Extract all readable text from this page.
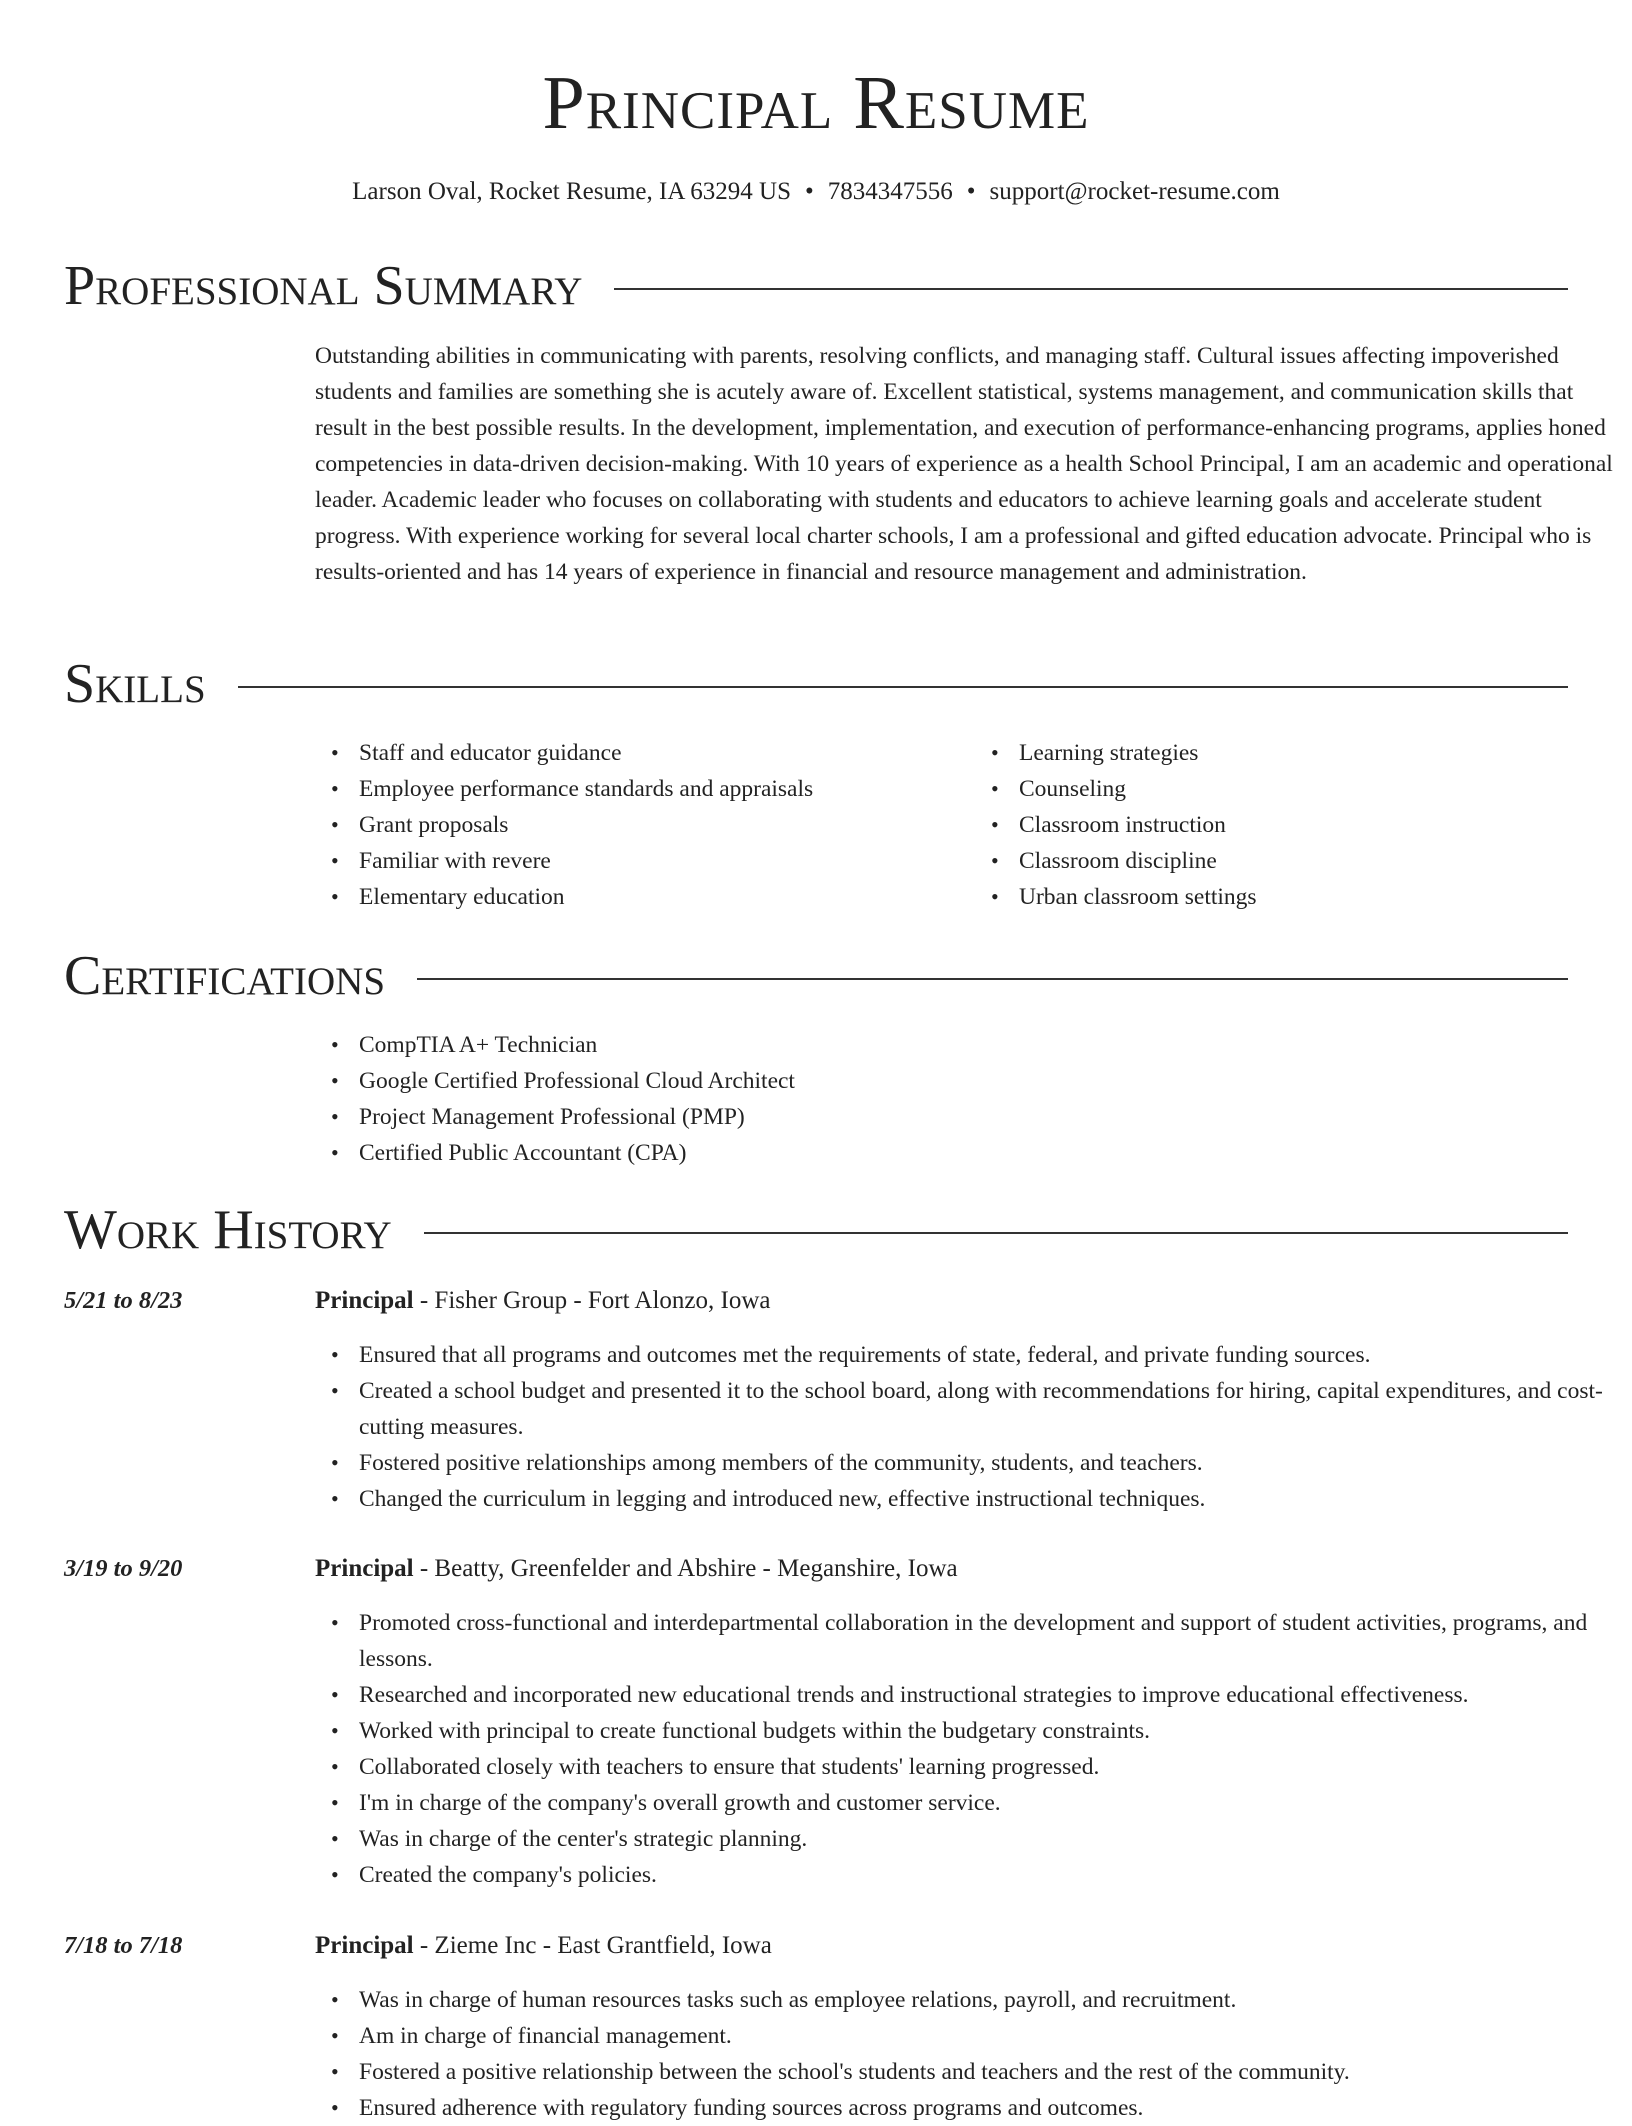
Principal Resume
Larson Oval, Rocket Resume, IA 63294 US • 7834347556 • support@rocket-resume.com
Professional Summary

Outstanding abilities in communicating with parents, resolving conflicts, and managing staff. Cultural issues affecting impoverished students and families are something she is acutely aware of. Excellent statistical, systems management, and communication skills that result in the best possible results. In the development, implementation, and execution of performance-enhancing programs, applies honed competencies in data-driven decision-making. With 10 years of experience as a health School Principal, I am an academic and operational leader. Academic leader who focuses on collaborating with students and educators to achieve learning goals and accelerate student progress. With experience working for several local charter schools, I am a professional and gifted education advocate. Principal who is results-oriented and has 14 years of experience in financial and resource management and administration.

Skills
• Staff and educator guidance
• Employee performance standards and appraisals
• Grant proposals
• Familiar with revere
• Elementary education
• Learning strategies
• Counseling
• Classroom instruction
• Classroom discipline
• Urban classroom settings
Certifications
• CompTIA A+ Technician
• Google Certified Professional Cloud Architect
• Project Management Professional (PMP)
• Certified Public Accountant (CPA)
Work History
5/21 to 8/23	Principal - Fisher Group - Fort Alonzo, Iowa
• Ensured that all programs and outcomes met the requirements of state, federal, and private funding sources.
• Created a school budget and presented it to the school board, along with recommendations for hiring, capital expenditures, and cost-cutting measures.
• Fostered positive relationships among members of the community, students, and teachers.
• Changed the curriculum in legging and introduced new, effective instructional techniques.
3/19 to 9/20	Principal - Beatty, Greenfelder and Abshire - Meganshire, Iowa
• Promoted cross-functional and interdepartmental collaboration in the development and support of student activities, programs, and lessons.
• Researched and incorporated new educational trends and instructional strategies to improve educational effectiveness.
• Worked with principal to create functional budgets within the budgetary constraints.
• Collaborated closely with teachers to ensure that students' learning progressed.
• I'm in charge of the company's overall growth and customer service.
• Was in charge of the center's strategic planning.
• Created the company's policies.
7/18 to 7/18	Principal - Zieme Inc - East Grantfield, Iowa
• Was in charge of human resources tasks such as employee relations, payroll, and recruitment.
• Am in charge of financial management.
• Fostered a positive relationship between the school's students and teachers and the rest of the community.
• Ensured adherence with regulatory funding sources across programs and outcomes.
